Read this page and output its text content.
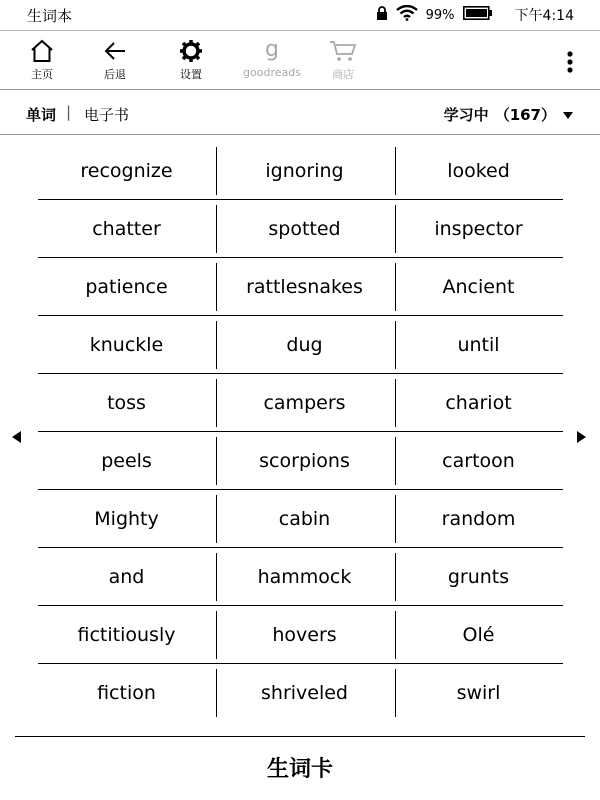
生词本	99%	下午4:14
主页	后退	设置
g
goodreads	商店
单词 | 电子书	学习中 （167）
recognize	ignoring	looked
chatter	spotted	inspector
patience	rattlesnakes	Ancient
knuckle	dug	until
toss	campers	chariot
peels	scorpions	cartoon
Mighty	cabin	random
and	hammock	grunts
fictitiously	hovers	Olé
fiction	shriveled	swirl
生词卡
